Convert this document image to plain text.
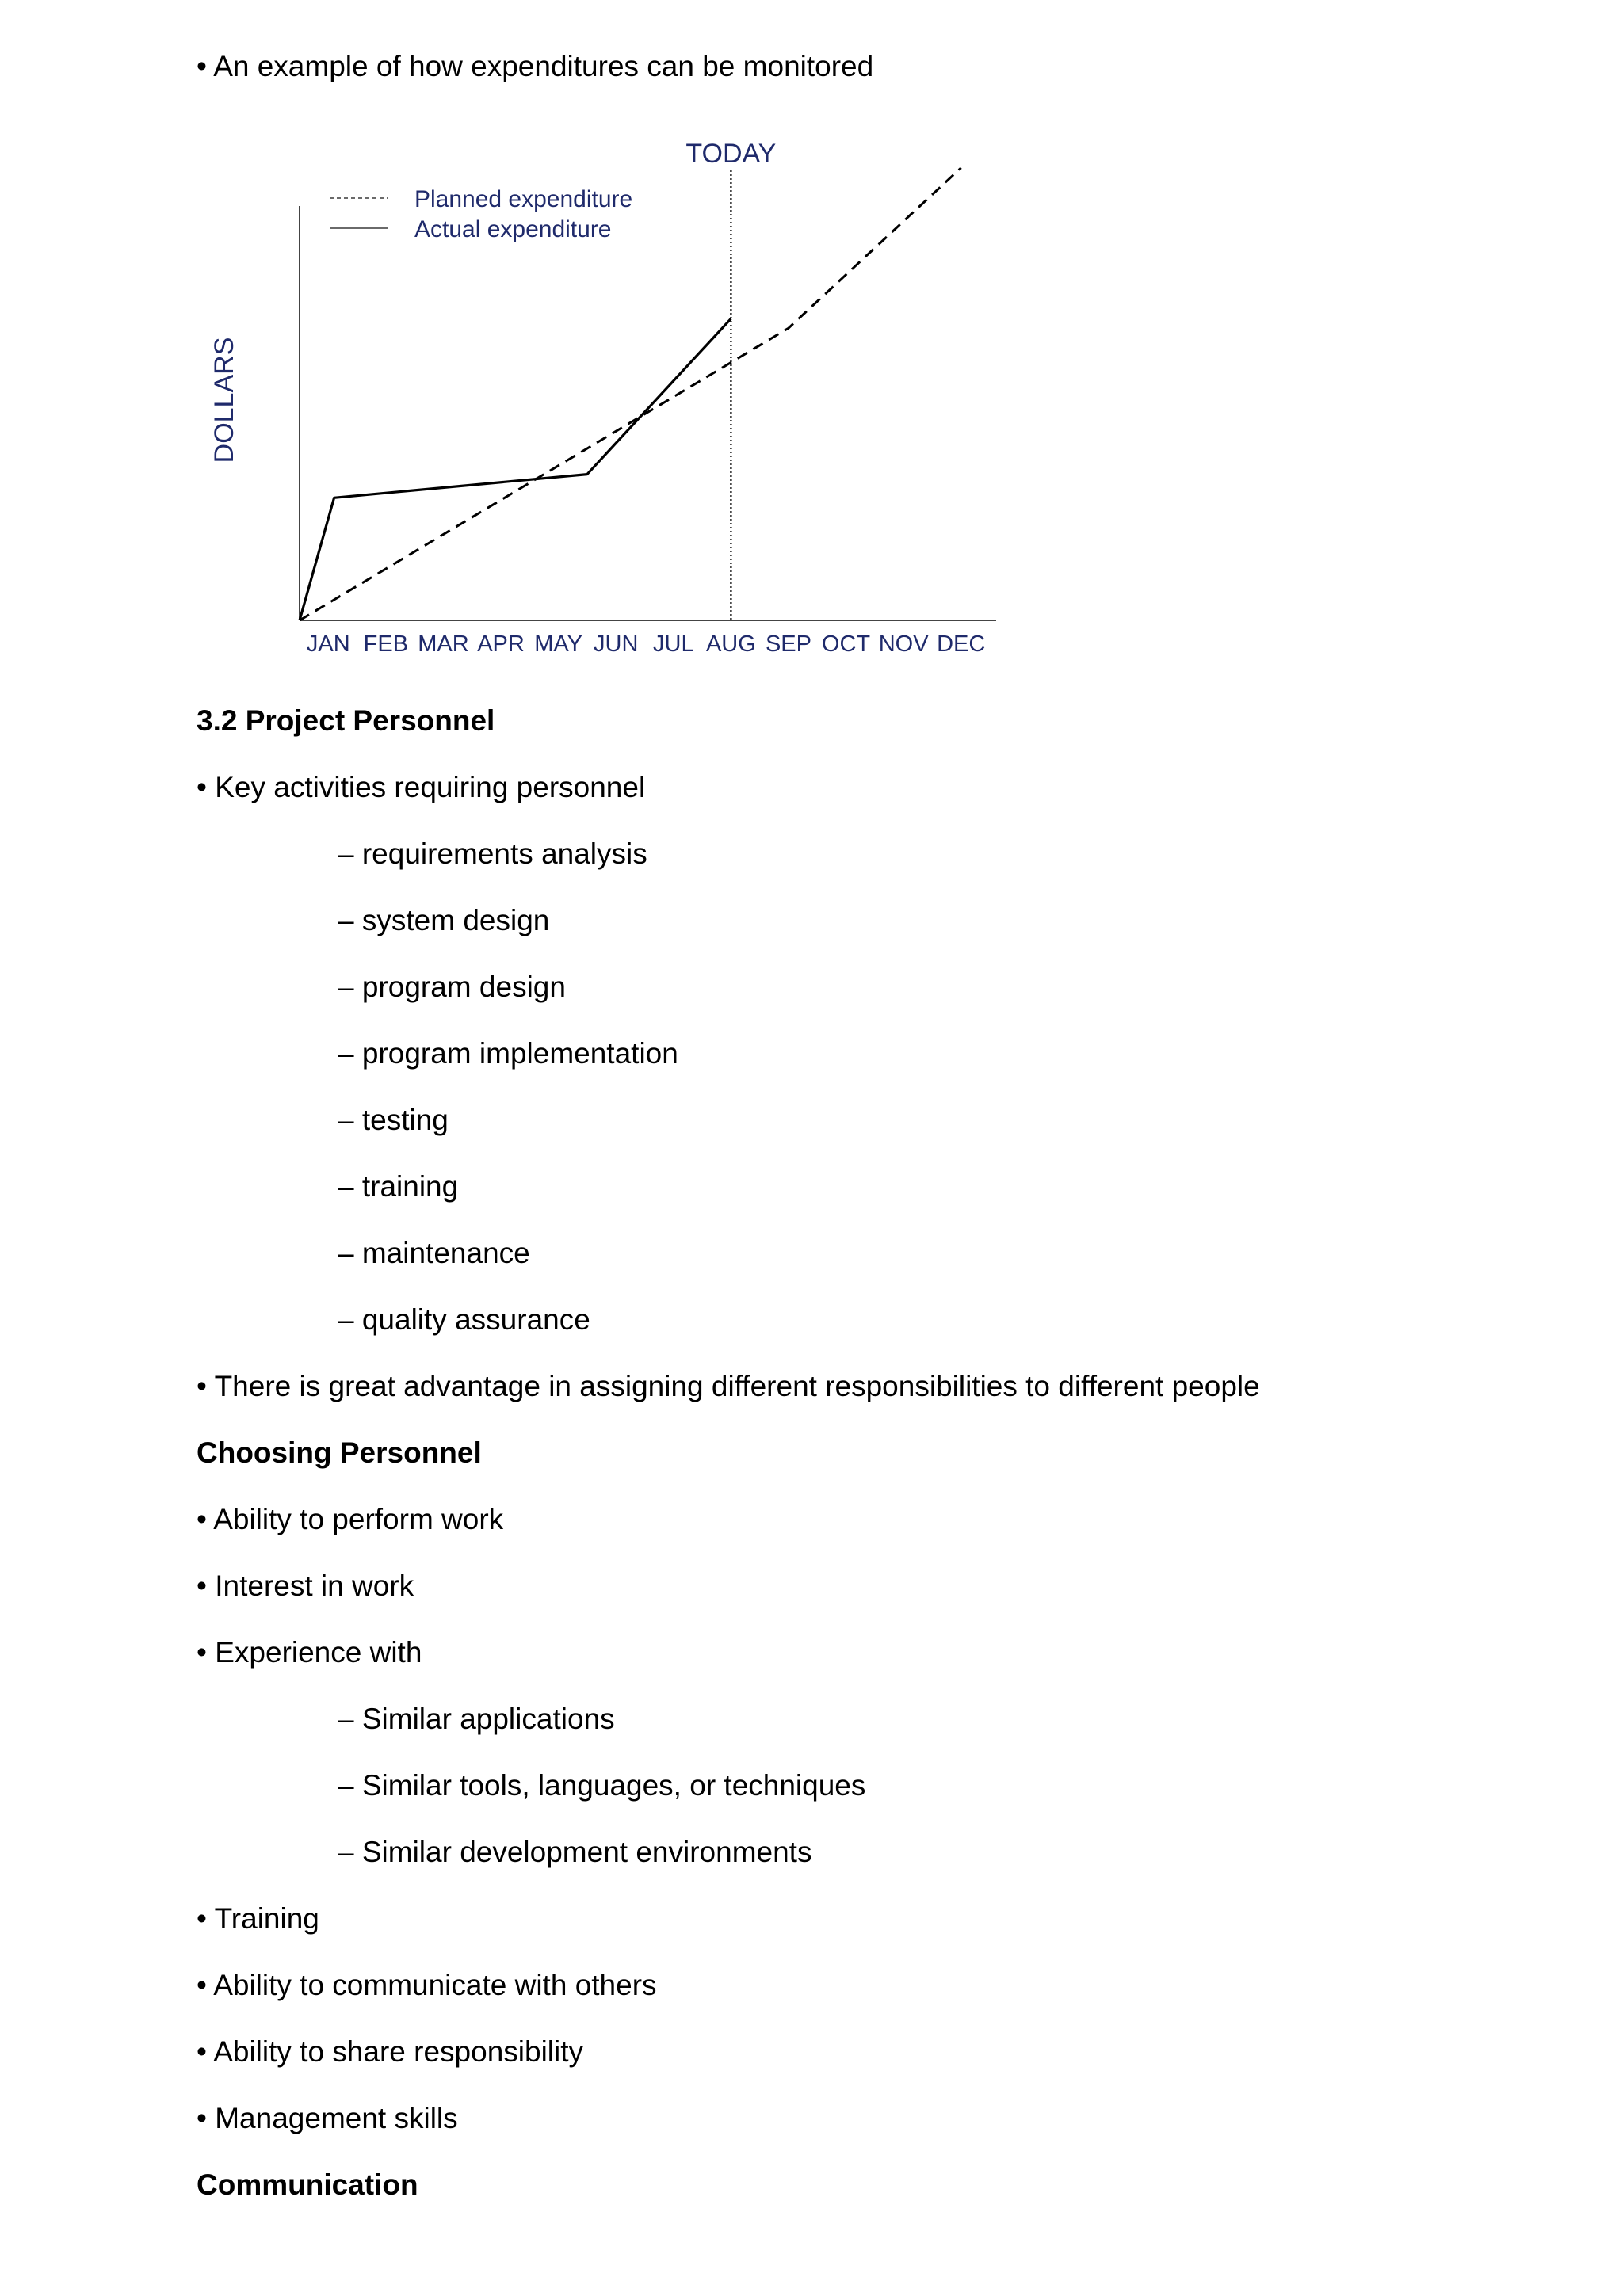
• An example of how expenditures can be monitored
Planned expenditure
Actual expenditure
JAN FEB MAR APR MAY JUN JUL AUG SEP OCT NOV DEC
TODAY
DOLLARS
3.2 Project Personnel
• Key activities requiring personnel
– requirements analysis
– system design
– program design
– program implementation
– testing
– training
– maintenance
– quality assurance
• There is great advantage in assigning different responsibilities to different people
Choosing Personnel
• Ability to perform work
• Interest in work
• Experience with
– Similar applications
– Similar tools, languages, or techniques
– Similar development environments
• Training
• Ability to communicate with others
• Ability to share responsibility
• Management skills
Communication
